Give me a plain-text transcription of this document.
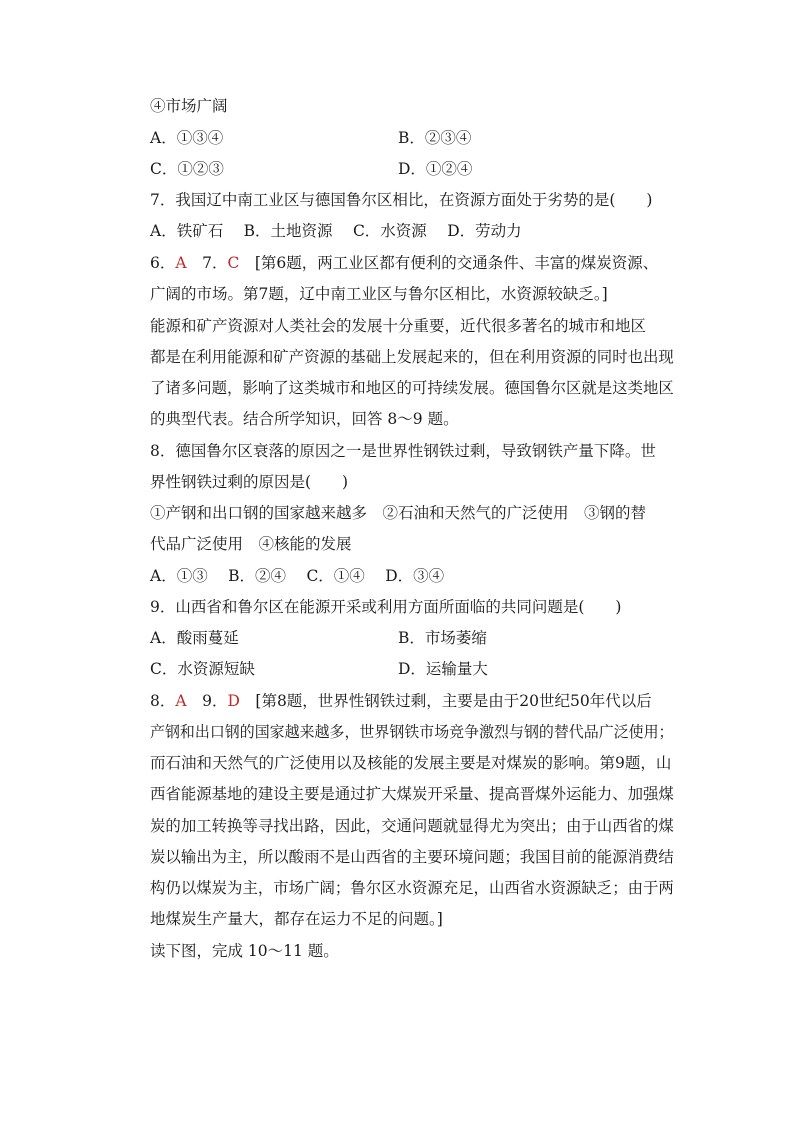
④市场广阔
A．①③④	B．②③④
C．①②③	D．①②④
7．我国辽中南工业区与德国鲁尔区相比，在资源方面处于劣势的是(　　)
A．铁矿石　 B．土地资源　 C．水资源　 D．劳动力
6．A　7．C　[第6题，两工业区都有便利的交通条件、丰富的煤炭资源、
广阔的市场。第7题，辽中南工业区与鲁尔区相比，水资源较缺乏。]
能源和矿产资源对人类社会的发展十分重要，近代很多著名的城市和地区
都是在利用能源和矿产资源的基础上发展起来的，但在利用资源的同时也出现
了诸多问题，影响了这类城市和地区的可持续发展。德国鲁尔区就是这类地区
的典型代表。结合所学知识，回答 8～9 题。
8．德国鲁尔区衰落的原因之一是世界性钢铁过剩，导致钢铁产量下降。世
界性钢铁过剩的原因是(　　)
①产钢和出口钢的国家越来越多　②石油和天然气的广泛使用　③钢的替
代品广泛使用　④核能的发展
A．①③　 B．②④　 C．①④　 D．③④
9．山西省和鲁尔区在能源开采或利用方面所面临的共同问题是(　　)
A．酸雨蔓延	B．市场萎缩
C．水资源短缺	D．运输量大
8．A　9．D　[第8题，世界性钢铁过剩，主要是由于20世纪50年代以后
产钢和出口钢的国家越来越多，世界钢铁市场竞争激烈与钢的替代品广泛使用；
而石油和天然气的广泛使用以及核能的发展主要是对煤炭的影响。第9题，山
西省能源基地的建设主要是通过扩大煤炭开采量、提高晋煤外运能力、加强煤
炭的加工转换等寻找出路，因此，交通问题就显得尤为突出；由于山西省的煤
炭以输出为主，所以酸雨不是山西省的主要环境问题；我国目前的能源消费结
构仍以煤炭为主，市场广阔；鲁尔区水资源充足，山西省水资源缺乏；由于两
地煤炭生产量大，都存在运力不足的问题。]
读下图，完成 10～11 题。
